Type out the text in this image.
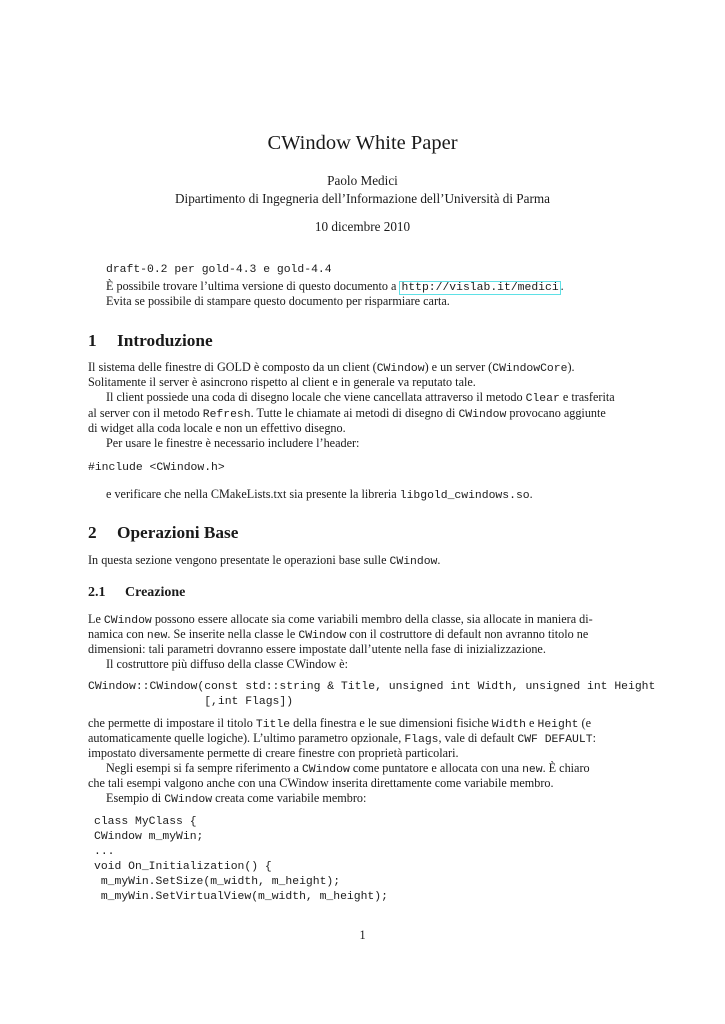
CWindow White Paper
Paolo Medici
Dipartimento di Ingegneria dell’Informazione dell’Università di Parma
10 dicembre 2010
draft-0.2 per gold-4.3 e gold-4.4
È possibile trovare l’ultima versione di questo documento a http://vislab.it/medici .
Evita se possibile di stampare questo documento per risparmiare carta.
1 Introduzione
Il sistema delle finestre di GOLD è composto da un client (CWindow) e un server (CWindowCore).
Solitamente il server è asincrono rispetto al client e in generale va reputato tale.
Il client possiede una coda di disegno locale che viene cancellata attraverso il metodo Clear e trasferita
al server con il metodo Refresh. Tutte le chiamate ai metodi di disegno di CWindow provocano aggiunte
di widget alla coda locale e non un effettivo disegno.
Per usare le finestre è necessario includere l’header:
#include <CWindow.h>
e verificare che nella CMakeLists.txt sia presente la libreria libgold_cwindows.so.
2 Operazioni Base
In questa sezione vengono presentate le operazioni base sulle CWindow.
2.1 Creazione
Le CWindow possono essere allocate sia come variabili membro della classe, sia allocate in maniera di-
namica con new. Se inserite nella classe le CWindow con il costruttore di default non avranno titolo ne
dimensioni: tali parametri dovranno essere impostate dall’utente nella fase di inizializzazione.
Il costruttore più diffuso della classe CWindow è:
CWindow::CWindow(const std::string & Title, unsigned int Width, unsigned int Height
[,int Flags])
che permette di impostare il titolo Title della finestra e le sue dimensioni fisiche Width e Height (e
automaticamente quelle logiche). L’ultimo parametro opzionale, Flags, vale di default CWF DEFAULT:
impostato diversamente permette di creare finestre con proprietà particolari.
Negli esempi si fa sempre riferimento a CWindow come puntatore e allocata con una new. È chiaro
che tali esempi valgono anche con una CWindow inserita direttamente come variabile membro.
Esempio di CWindow creata come variabile membro:
class MyClass {
CWindow m_myWin;
...
void On_Initialization() {
m_myWin.SetSize(m_width, m_height);
m_myWin.SetVirtualView(m_width, m_height);
1
